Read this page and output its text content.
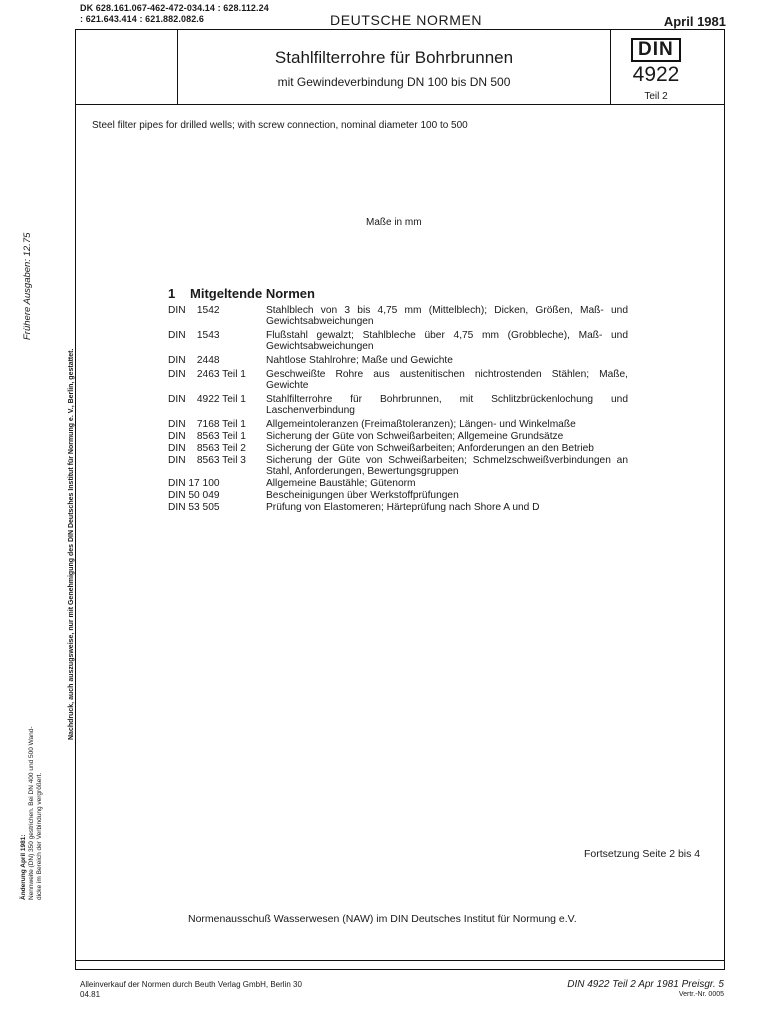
DK 628.161.067-462-472-034.14 : 628.112.24
: 621.643.414 : 621.882.082.6	DEUTSCHE NORMEN	April 1981
Stahlfilterrohre für Bohrbrunnen
mit Gewindeverbindung DN 100 bis DN 500
DIN
4922
Teil 2
Steel filter pipes for drilled wells; with screw connection, nominal diameter 100 to 500
Maße in mm
1 Mitgeltende Normen
DIN    1542	Stahlblech von 3 bis 4,75 mm (Mittelblech); Dicken, Größen, Maß- und Gewichtsabweichungen
DIN    1543	Flußstahl gewalzt; Stahlbleche über 4,75 mm (Grobbleche), Maß- und Gewichtsabweichungen
DIN    2448	Nahtlose Stahlrohre; Maße und Gewichte
DIN    2463 Teil 1	Geschweißte Rohre aus austenitischen nichtrostenden Stählen; Maße, Gewichte
DIN    4922 Teil 1	Stahlfilterrohre für Bohrbrunnen, mit Schlitzbrückenlochung und Laschenverbindung
DIN    7168 Teil 1	Allgemeintoleranzen (Freimaßtoleranzen); Längen- und Winkelmaße
DIN    8563 Teil 1	Sicherung der Güte von Schweißarbeiten; Allgemeine Grundsätze
DIN    8563 Teil 2	Sicherung der Güte von Schweißarbeiten; Anforderungen an den Betrieb
DIN    8563 Teil 3	Sicherung der Güte von Schweißarbeiten; Schmelzschweißverbindungen an Stahl, Anforderungen, Bewertungsgruppen
DIN 17 100	Allgemeine Baustähle; Gütenorm
DIN 50 049	Bescheinigungen über Werkstoffprüfungen
DIN 53 505	Prüfung von Elastomeren; Härteprüfung nach Shore A und D
Fortsetzung Seite 2 bis 4
Normenausschuß Wasserwesen (NAW) im DIN Deutsches Institut für Normung e.V.
Alleinverkauf der Normen durch Beuth Verlag GmbH, Berlin 30
04.81
DIN 4922 Teil 2 Apr 1981 Preisgr. 5
Vertr.-Nr. 0005
Frühere Ausgaben: 12.75
Nachdruck, auch auszugsweise, nur mit Genehmigung des DIN Deutsches Institut für Normung e. V., Berlin, gestattet.
Änderung April 1981: Nennweite (DN) 350 gestrichen. Bei DN 400 und 500 Wand- dicke im Bereich der Verbindung vergrößert.
